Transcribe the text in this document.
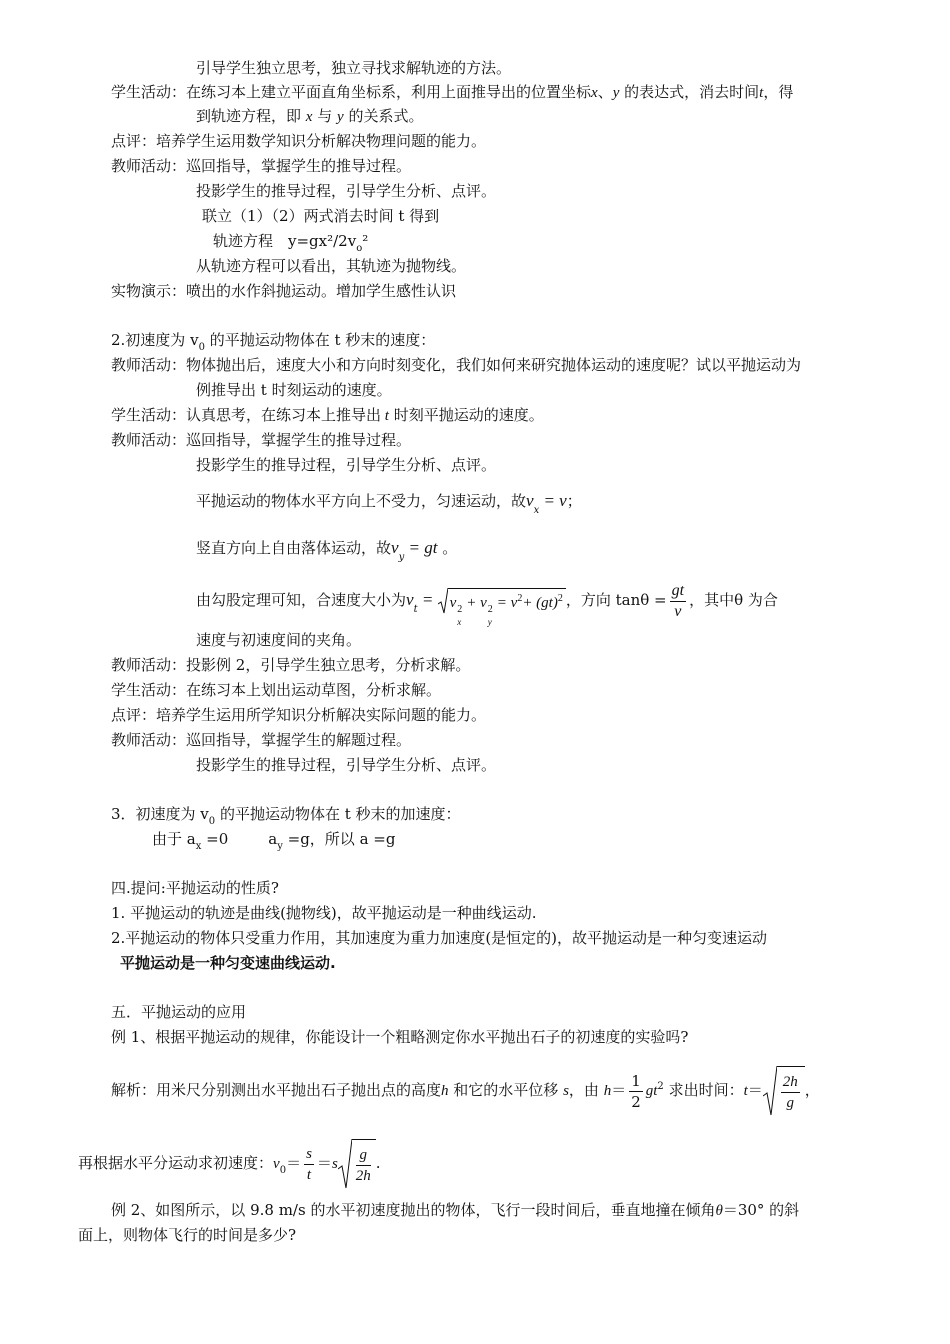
引导学生独立思考，独立寻找求解轨迹的方法。
学生活动：在练习本上建立平面直角坐标系，利用上面推导出的位置坐标x、y 的表达式，消去时间t，得
到轨迹方程，即 x 与 y 的关系式。
点评：培养学生运用数学知识分析解决物理问题的能力。
教师活动：巡回指导，掌握学生的推导过程。
投影学生的推导过程，引导学生分析、点评。
联立（1）（2）两式消去时间 t 得到
轨迹方程　$y=gx^2/2v_o^2$
从轨迹方程可以看出，其轨迹为抛物线。
实物演示：喷出的水作斜抛运动。增加学生感性认识
2.初速度为 $v_0$ 的平抛运动物体在 t 秒末的速度：
教师活动：物体抛出后，速度大小和方向时刻变化，我们如何来研究抛体运动的速度呢？试以平抛运动为
例推导出 t 时刻运动的速度。
学生活动：认真思考，在练习本上推导出 t 时刻平抛运动的速度。
教师活动：巡回指导，掌握学生的推导过程。
投影学生的推导过程，引导学生分析、点评。
平抛运动的物体水平方向上不受力，匀速运动，故$v_x = v$；
竖直方向上自由落体运动，故$v_y$ = gt 。
由勾股定理可知，合速度大小为$v_t = v$ 2
x
+ v 2
y
= v 2 + (gt) 2 ，方向 $\tan\theta = \frac{gt}{v}$ ，其中θ 为合
速度与初速度间的夹角。
教师活动：投影例 2，引导学生独立思考，分析求解。
学生活动：在练习本上划出运动草图，分析求解。
点评：培养学生运用所学知识分析解决实际问题的能力。
教师活动：巡回指导，掌握学生的解题过程。
投影学生的推导过程，引导学生分析、点评。
3．初速度为 $v_0$ 的平抛运动物体在 t 秒末的加速度：
由于 $a_x =0$	$a_y =g$，所以 a =g
四.提问:平抛运动的性质?
1. 平抛运动的轨迹是曲线(抛物线)，故平抛运动是一种曲线运动.
2.平抛运动的物体只受重力作用，其加速度为重力加速度(是恒定的)，故平抛运动是一种匀变速运动
平抛运动是一种匀变速曲线运动.
五．平抛运动的应用
例 1、根据平抛运动的规律，你能设计一个粗略测定你水平抛出石子的初速度的实验吗?
解析：用米尺分别测出水平抛出石子抛出点的高度h 和它的水平位移 s，由 $h= \frac{1}{2} gt^2$ 求出时间：$t= \frac{2h}{g}$ ，
再根据水平分运动求初速度：$v_0= \frac{s}{t} =s \frac{g}{2h}$ .
例 2、如图所示，以 9.8 m/s 的水平初速度抛出的物体，飞行一段时间后，垂直地撞在倾角θ＝30° 的斜
面上，则物体飞行的时间是多少?
